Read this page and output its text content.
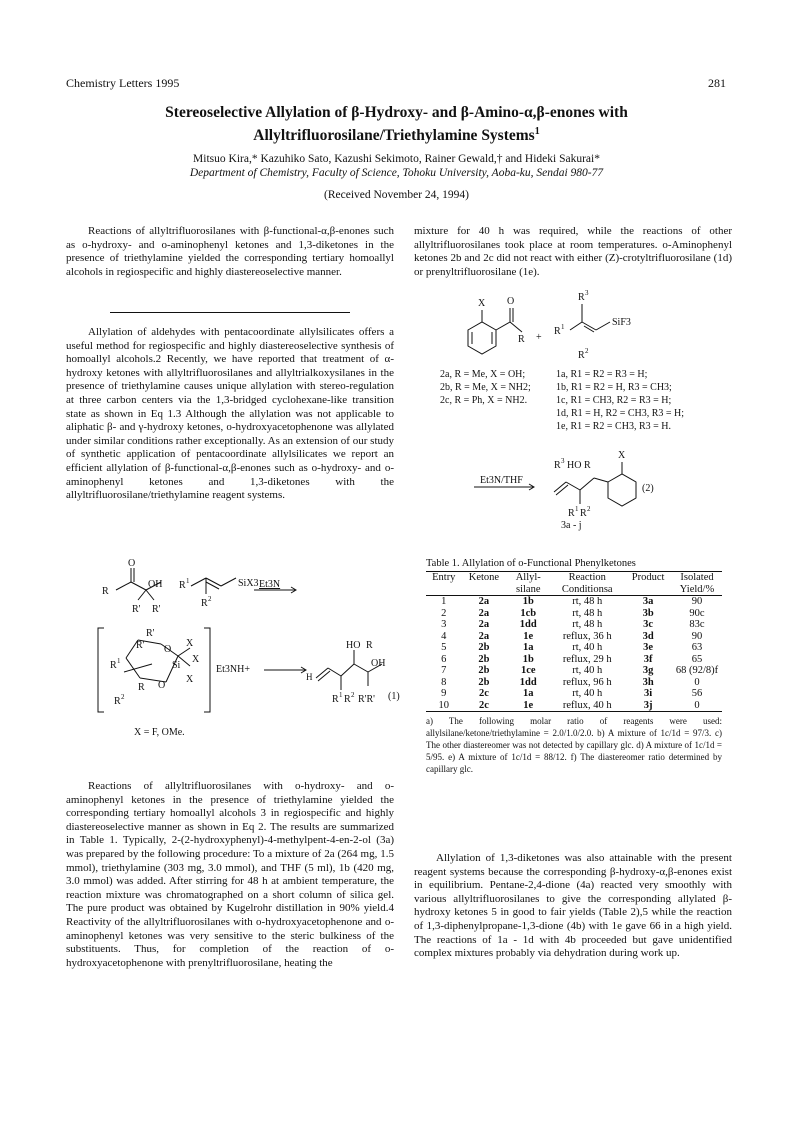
Chemistry Letters 1995	281
Stereoselective Allylation of β-Hydroxy- and β-Amino-α,β-enones with
Allyltrifluorosilane/Triethylamine Systems$^1$
Mitsuo Kira,* Kazuhiko Sato, Kazushi Sekimoto, Rainer Gewald,† and Hideki Sakurai*
Department of Chemistry, Faculty of Science, Tohoku University, Aoba-ku, Sendai 980-77
(Received November 24, 1994)

Reactions of allyltrifluorosilanes with β-functional-α,β-enones such as o-hydroxy- and o-aminophenyl ketones and 1,3-diketones in the presence of triethylamine yielded the corresponding tertiary homoallyl alcohols in regiospecific and highly diastereoselective manner.

Allylation of aldehydes with pentacoordinate allylsilicates offers a useful method for regiospecific and highly diastereoselective synthesis of homoallyl alcohols.2 Recently, we have reported that treatment of α-hydroxy ketones with allyltrifluorosilanes and allyltrialkoxysilanes in the presence of triethylamine causes unique allylation with stereo-regulation at three carbon centers via the 1,3-bridged cyclohexane-like transition state as shown in Eq 1.3 Although the allylation was not applicable to aliphatic β- and γ-hydroxy ketones, o-hydroxyacetophenone was allylated under similar conditions rather exceptionally. As an extension of our study of synthetic application of pentacoordinate allylsilicates we report an efficient allylation of β-functional-α,β-enones such as o-hydroxy- and o-aminophenyl ketones and 1,3-diketones with the allyltrifluorosilane/triethylamine reagent systems.

O
R
OH
R' R'
R 1
R 2
H
R'
R' O
X
Si
X
X
O
R 1
R
R 2
HO R
OH
R 1 R 2 R'R'
SiX3 Et3N
Et3NH+
(1)
X = F, OMe.

Reactions of allyltrifluorosilanes with o-hydroxy- and o-aminophenyl ketones in the presence of triethylamine yielded the corresponding tertiary homoallyl alcohols 3 in regiospecific and highly diastereoselective manner as shown in Eq 2. The results are summarized in Table 1. Typically, 2-(2-hydroxyphenyl)-4-methylpent-4-en-2-ol (3a) was prepared by the following procedure: To a mixture of 2a (264 mg, 1.5 mmol), triethylamine (303 mg, 3.0 mmol), and THF (5 ml), 1b (420 mg, 3.0 mmol) was added. After stirring for 48 h at ambient temperature, the reaction mixture was chromatographed on a short column of silica gel. The pure product was obtained by Kugelrohr distillation in 90% yield.4 Reactivity of the allyltrifluorosilanes with o-hydroxyacetophenone and o-aminophenyl ketones was very sensitive to the steric bulkiness of the substituents. Thus, for completion of the reaction of o-hydroxyacetophenone with prenyltrifluorosilane, heating the

mixture for 40 h was required, while the reactions of other allyltrifluorosilanes took place at room temperatures. o-Aminophenyl ketones 2b and 2c did not react with either (Z)-crotyltrifluorosilane (1d) or prenyltrifluorosilane (1e).

X O
R +
R 3
R 1
R 2
R 3 HO R
X
R 1 R 2
SiF3
2a, R = Me, X = OH;
2b, R = Me, X = NH2;
2c, R = Ph, X = NH2.
1a, R1 = R2 = R3 = H;
1b, R1 = R2 = H, R3 = CH3;
1c, R1 = CH3, R2 = R3 = H;
1d, R1 = H, R2 = CH3, R3 = H;
1e, R1 = R2 = CH3, R3 = H.
Et3N/THF
(2)
3a - j
Table 1. Allylation of o-Functional Phenylketones
Entry	Ketone	Allyl-silane	Reaction Conditionsa	Product	Isolated Yield/%
1	2a	1b	rt, 48 h	3a	90
2	2a	1cb	rt, 48 h	3b	90c
3	2a	1dd	rt, 48 h	3c	83c
4	2a	1e	reflux, 36 h	3d	90
5	2b	1a	rt, 40 h	3e	63
6	2b	1b	reflux, 29 h	3f	65
7	2b	1ce	rt, 40 h	3g	68 (92/8)f
8	2b	1dd	reflux, 96 h	3h	0
9	2c	1a	rt, 40 h	3i	56
10	2c	1e	reflux, 40 h	3j	0
a) The following molar ratio of reagents were used: allylsilane/ketone/triethylamine = 2.0/1.0/2.0. b) A mixture of 1c/1d = 97/3. c) The other diastereomer was not detected by capillary glc. d) A mixture of 1c/1d = 5/95. e) A mixture of 1c/1d = 88/12. f) The diastereomer ratio determined by capillary glc.

Allylation of 1,3-diketones was also attainable with the present reagent systems because the corresponding β-hydroxy-α,β-enones exist in equilibrium. Pentane-2,4-dione (4a) reacted very smoothly with various allyltrifluorosilanes to give the corresponding allylated β-hydroxy ketones 5 in good to fair yields (Table 2),5 while the reaction of 1,3-diphenylpropane-1,3-dione (4b) with 1e gave 66 in a high yield. The reactions of 1a - 1d with 4b proceeded but gave unidentified complex mixtures probably via dehydration during work up.
